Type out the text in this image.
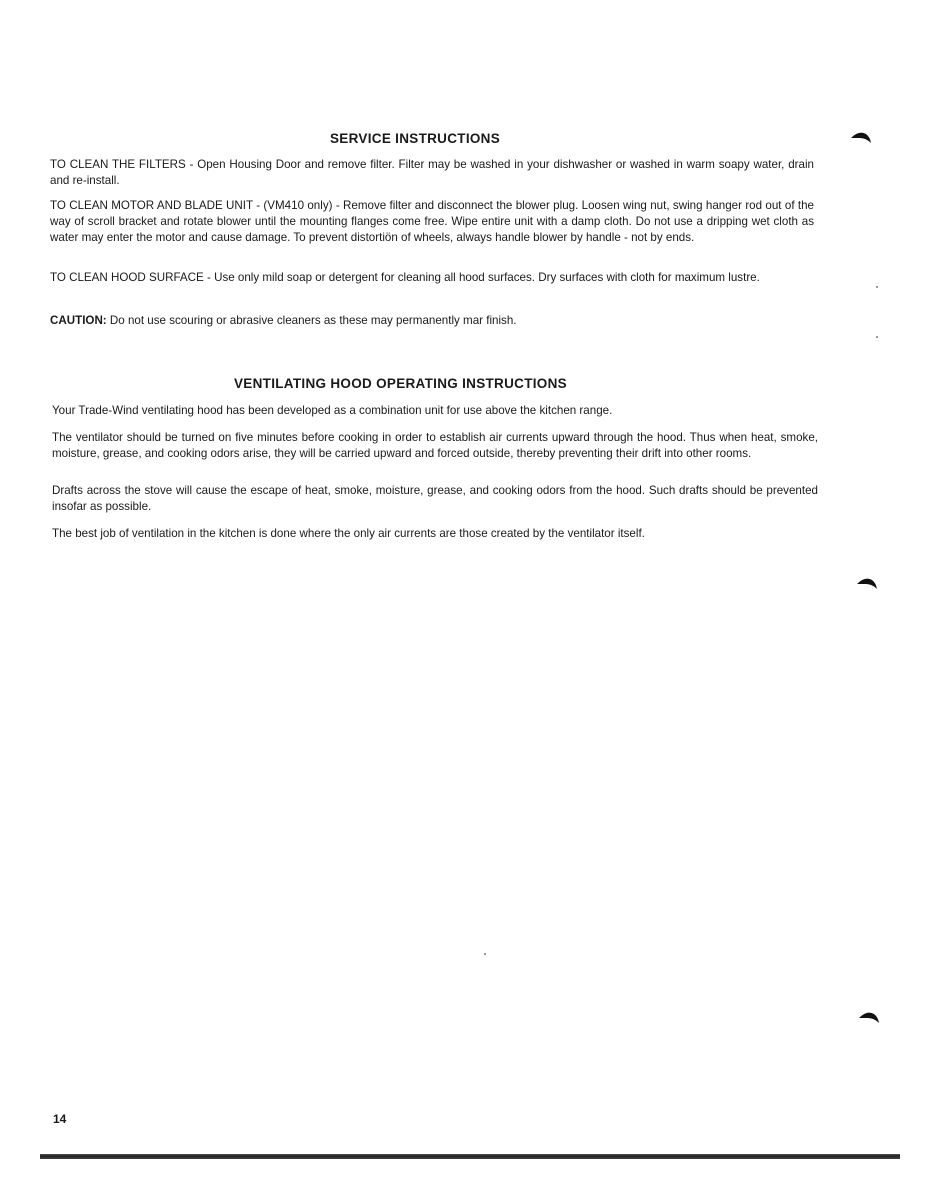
SERVICE INSTRUCTIONS

TO CLEAN THE FILTERS - Open Housing Door and remove filter. Filter may be washed in your dishwasher or washed in warm soapy water, drain and re-install.

TO CLEAN MOTOR AND BLADE UNIT - (VM410 only) - Remove filter and disconnect the blower plug. Loosen wing nut, swing hanger rod out of the way of scroll bracket and rotate blower until the mounting flanges come free. Wipe entire unit with a damp cloth. Do not use a dripping wet cloth as water may enter the motor and cause damage. To prevent distortiön of wheels, always handle blower by handle - not by ends.

TO CLEAN HOOD SURFACE - Use only mild soap or detergent for cleaning all hood surfaces. Dry surfaces with cloth for maximum lustre.

CAUTION: Do not use scouring or abrasive cleaners as these may permanently mar finish.

VENTILATING HOOD OPERATING INSTRUCTIONS

Your Trade-Wind ventilating hood has been developed as a combination unit for use above the kitchen range.

The ventilator should be turned on five minutes before cooking in order to establish air currents upward through the hood. Thus when heat, smoke, moisture, grease, and cooking odors arise, they will be carried upward and forced outside, thereby preventing their drift into other rooms.

Drafts across the stove will cause the escape of heat, smoke, moisture, grease, and cooking odors from the hood. Such drafts should be prevented insofar as possible.

The best job of ventilation in the kitchen is done where the only air currents are those created by the ventilator itself.

14
